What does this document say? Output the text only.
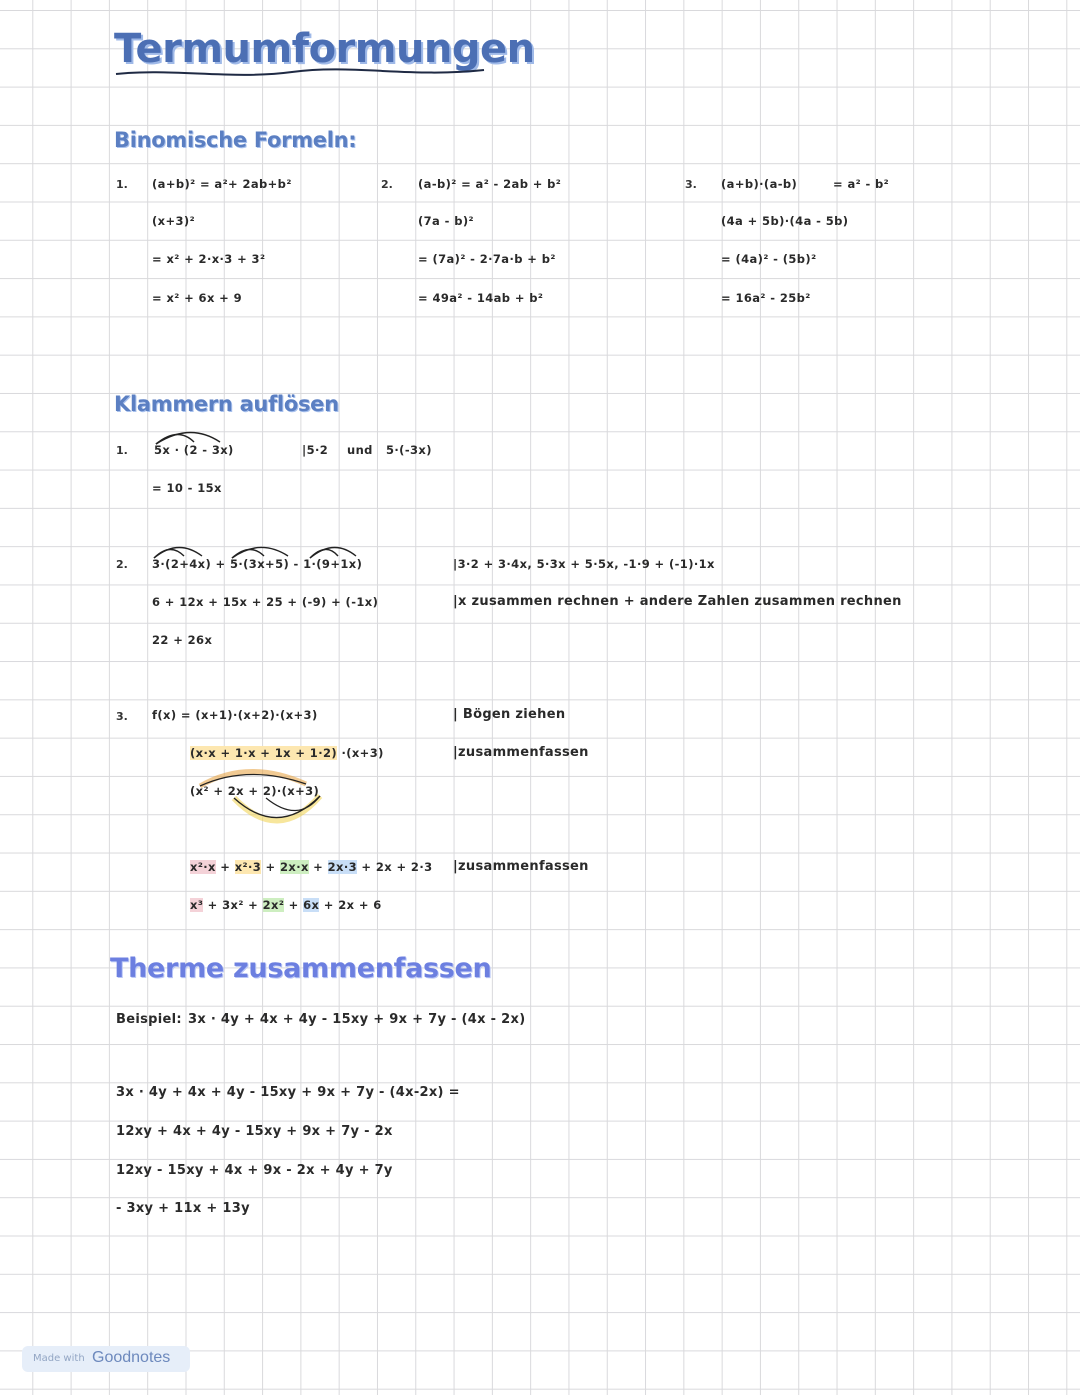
Termumformungen
Binomische Formeln:
1. (a+b)² = a²+ 2ab+b²
(x+3)²
= x² + 2·x·3 + 3²
= x² + 6x + 9
2. (a-b)² = a² - 2ab + b²
(7a - b)²
= (7a)² - 2·7a·b + b²
= 49a² - 14ab + b²
3. (a+b)·(a-b)	= a² - b²
(4a + 5b)·(4a - 5b)
= (4a)² - (5b)²
= 16a² - 25b²
Klammern auflösen
1. 5x · (2 - 3x)	|5·2 und 5·(-3x)
= 10 - 15x
2. 3·(2+4x) + 5·(3x+5) - 1·(9+1x)
6 + 12x + 15x + 25 + (-9) + (-1x)
22 + 26x
|3·2 + 3·4x, 5·3x + 5·5x, -1·9 + (-1)·1x
|x zusammen rechnen + andere Zahlen zusammen rechnen
3. f(x) = (x+1)·(x+2)·(x+3)
(x·x + 1·x + 1x + 1·2) ·(x+3)
(x² + 2x + 2)·(x+3)
x²·x + x²·3 + 2x·x + 2x·3 + 2x + 2·3
x³ + 3x² + 2x² + 6x + 2x + 6
| Bögen ziehen
|zusammenfassen
|zusammenfassen
Therme zusammenfassen
Beispiel: 3x · 4y + 4x + 4y - 15xy + 9x + 7y - (4x - 2x)
3x · 4y + 4x + 4y - 15xy + 9x + 7y - (4x-2x) =
12xy + 4x + 4y - 15xy + 9x + 7y - 2x
12xy - 15xy + 4x + 9x - 2x + 4y + 7y
- 3xy + 11x + 13y
Made with Goodnotes
